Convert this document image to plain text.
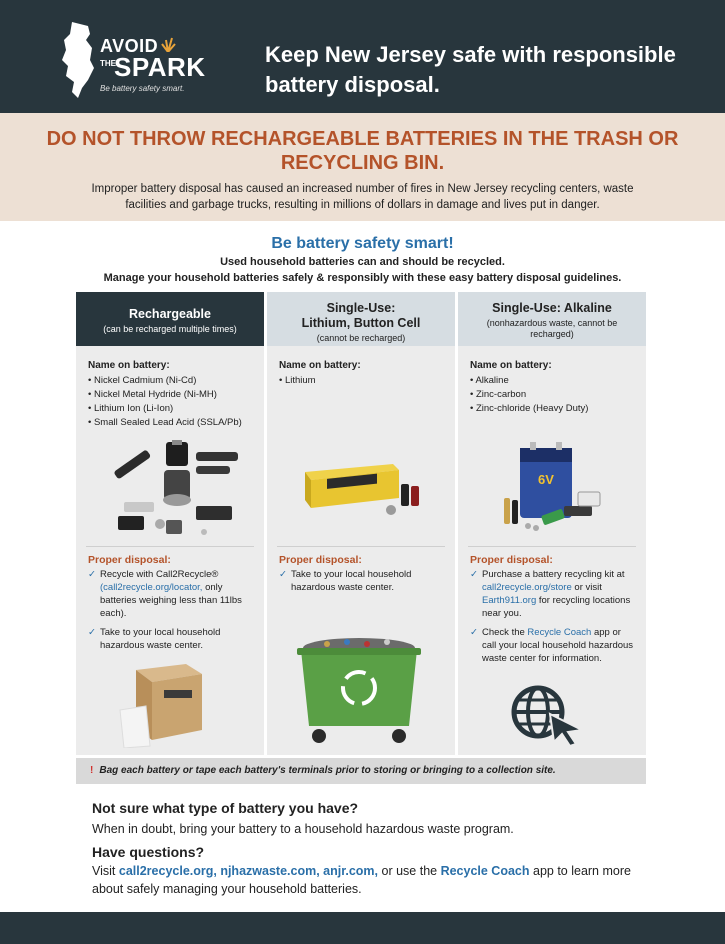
AVOID
THE
SPARK
Be battery safety smart.
Keep New Jersey safe with responsible battery disposal.
DO NOT THROW RECHARGEABLE BATTERIES IN THE TRASH OR RECYCLING BIN.
Improper battery disposal has caused an increased number of fires in New Jersey recycling centers, waste facilities and garbage trucks, resulting in millions of dollars in damage and lives put in danger.
Be battery safety smart!
Used household batteries can and should be recycled.
Manage your household batteries safely & responsibly with these easy battery disposal guidelines.
Rechargeable
(can be recharged multiple times)
Name on battery:
• Nickel Cadmium (Ni-Cd)
• Nickel Metal Hydride (Ni-MH)
• Lithium Ion (Li-Ion)
• Small Sealed Lead Acid (SSLA/Pb)
Proper disposal:
✓ Recycle with Call2Recycle® (call2recycle.org/locator, only batteries weighing less than 11lbs each).
✓ Take to your local household hazardous waste center.
Single-Use:
Lithium, Button Cell
(cannot be recharged)
Name on battery:
• Lithium
Proper disposal:
✓ Take to your local household hazardous waste center.
Single-Use: Alkaline
(nonhazardous waste, cannot be recharged)
Name on battery:
• Alkaline
• Zinc-carbon
• Zinc-chloride (Heavy Duty)
6V
Proper disposal:
✓ Purchase a battery recycling kit at call2recycle.org/store or visit Earth911.org for recycling locations near you.
✓ Check the Recycle Coach app or call your local household hazardous waste center for information.
! Bag each battery or tape each battery's terminals prior to storing or bringing to a collection site.
Not sure what type of battery you have?
When in doubt, bring your battery to a household hazardous waste program.
Have questions?
Visit call2recycle.org, njhazwaste.com, anjr.com, or use the Recycle Coach app to learn more about safely managing your household batteries.
